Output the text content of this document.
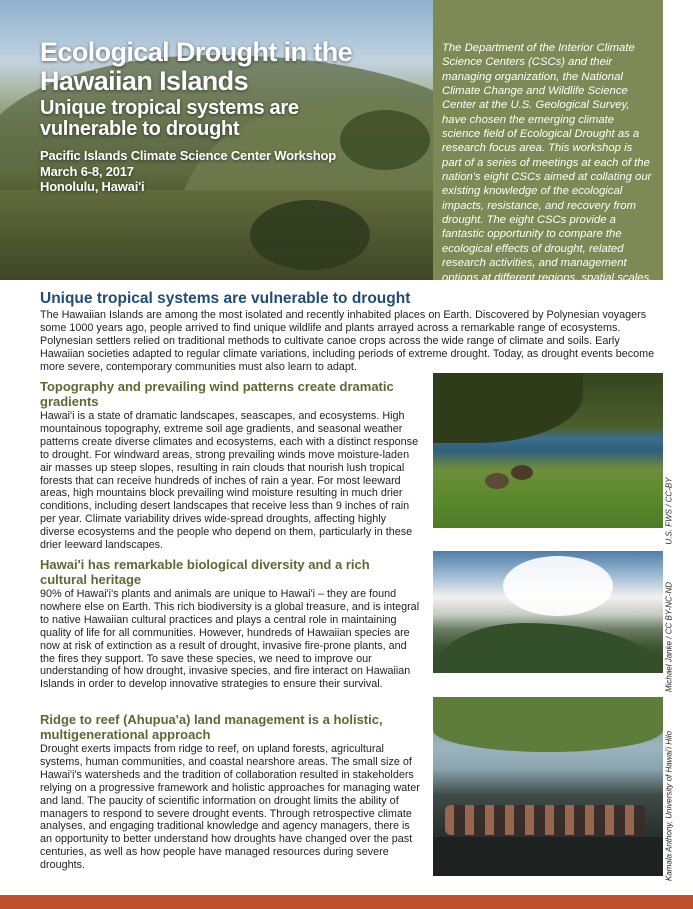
Ecological Drought in the
Hawaiian Islands
Unique tropical systems are
vulnerable to drought

Pacific Islands Climate Science Center Workshop

March 6-8, 2017

Honolulu, Hawai'i

The Department of the Interior Climate Science Centers (CSCs) and their managing organization, the National Climate Change and Wildlife Science Center at the U.S. Geological Survey, have chosen the emerging climate science field of Ecological Drought as a research focus area. This workshop is part of a series of meetings at each of the nation's eight CSCs aimed at collating our existing knowledge of the ecological impacts, resistance, and recovery from drought. The eight CSCs provide a fantastic opportunity to compare the ecological effects of drought, related research activities, and management options at different regions, spatial scales, and biomes.

Unique tropical systems are vulnerable to drought

The Hawaiian Islands are among the most isolated and recently inhabited places on Earth. Discovered by Polynesian voyagers some 1000 years ago, people arrived to find unique wildlife and plants arrayed across a remarkable range of ecosystems. Polynesian settlers relied on traditional methods to cultivate canoe crops across the wide range of climate and soils. Early Hawaiian societies adapted to regular climate variations, including periods of extreme drought. Today, as drought events become more severe, contemporary communities must also learn to adapt.

Topography and prevailing wind patterns create dramatic gradients

Hawai'i is a state of dramatic landscapes, seascapes, and ecosystems. High mountainous topography, extreme soil age gradients, and seasonal weather patterns create diverse climates and ecosystems, each with a distinct response to drought. For windward areas, strong prevailing winds move moisture-laden air masses up steep slopes, resulting in rain clouds that nourish lush tropical forests that can receive hundreds of inches of rain a year. For most leeward areas, high mountains block prevailing wind moisture resulting in much drier conditions, including desert landscapes that receive less than 9 inches of rain per year. Climate variability drives wide-spread droughts, affecting highly diverse ecosystems and the people who depend on them, particularly in these drier leeward landscapes.

Hawai'i has remarkable biological diversity and a rich cultural heritage

90% of Hawai'i's plants and animals are unique to Hawai'i – they are found nowhere else on Earth. This rich biodiversity is a global treasure, and is integral to native Hawaiian cultural practices and plays a central role in maintaining quality of life for all communities. However, hundreds of Hawaiian species are now at risk of extinction as a result of drought, invasive fire-prone plants, and the fires they support. To save these species, we need to improve our understanding of how drought, invasive species, and fire interact on Hawaiian Islands in order to develop innovative strategies to ensure their survival.

Ridge to reef (Ahupua'a) land management is a holistic, multigenerational approach

Drought exerts impacts from ridge to reef, on upland forests, agricultural systems, human communities, and coastal nearshore areas. The small size of Hawai'i's watersheds and the tradition of collaboration resulted in stakeholders relying on a progressive framework and holistic approaches for managing water and land. The paucity of scientific information on drought limits the ability of managers to respond to severe drought events. Through retrospective climate analyses, and engaging traditional knowledge and agency managers, there is an opportunity to better understand how droughts have changed over the past centuries, as well as how people have managed resources during severe droughts.

U.S. FWS / CC-BY
Michael Janke / CC BY-NC-ND
Kamala Anthony, University of Hawai'i Hilo
